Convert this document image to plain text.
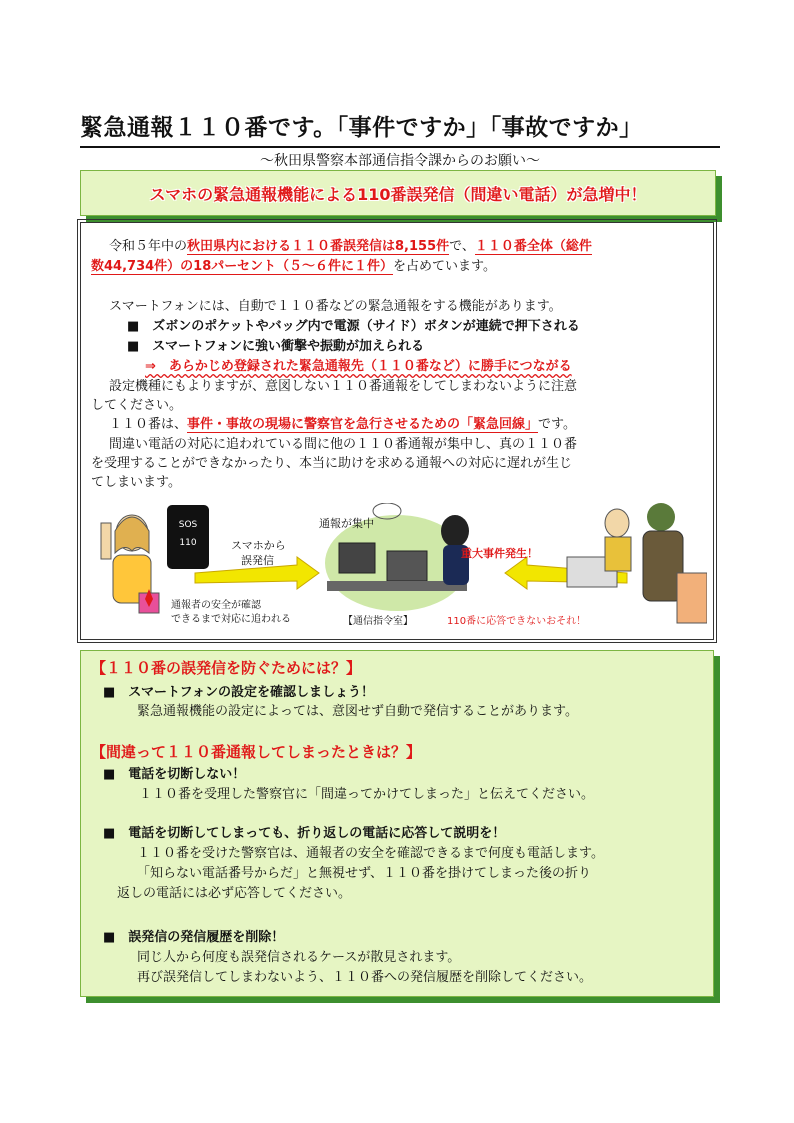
緊急通報１１０番です。「事件ですか」「事故ですか」
～秋田県警察本部通信指令課からのお願い～
スマホの緊急通報機能による110番誤発信（間違い電話）が急増中！
令和５年中の秋田県内における１１０番誤発信は8,155件で、１１０番全体（総件
数44,734件）の18パーセント（５～６件に１件）を占めています。
スマートフォンには、自動で１１０番などの緊急通報をする機能があります。
■　ズボンのポケットやバッグ内で電源（サイド）ボタンが連続で押下される
■　スマートフォンに強い衝撃や振動が加えられる
⇒　あらかじめ登録された緊急通報先（１１０番など）に勝手につながる
設定機種にもよりますが、意図しない１１０番通報をしてしまわないように注意
してください。
１１０番は、事件・事故の現場に警察官を急行させるための「緊急回線」です。
間違い電話の対応に追われている間に他の１１０番通報が集中し、真の１１０番
を受理することができなかったり、本当に助けを求める通報への対応に遅れが生じ
てしまいます。
SOS
110	スマホから
誤発信
通報が集中
通報者の安全が確認
できるまで対応に追われる	【通信指令室】
重大事件発生！
110番に応答できないおそれ！
【１１０番の誤発信を防ぐためには？】
■　スマートフォンの設定を確認しましょう！
緊急通報機能の設定によっては、意図せず自動で発信することがあります。
【間違って１１０番通報してしまったときは？】
■　電話を切断しない！
１１０番を受理した警察官に「間違ってかけてしまった」と伝えてください。
■　電話を切断してしまっても、折り返しの電話に応答して説明を！
１１０番を受けた警察官は、通報者の安全を確認できるまで何度も電話します。
「知らない電話番号からだ」と無視せず、１１０番を掛けてしまった後の折り
返しの電話には必ず応答してください。
■　誤発信の発信履歴を削除！
同じ人から何度も誤発信されるケースが散見されます。
再び誤発信してしまわないよう、１１０番への発信履歴を削除してください。
